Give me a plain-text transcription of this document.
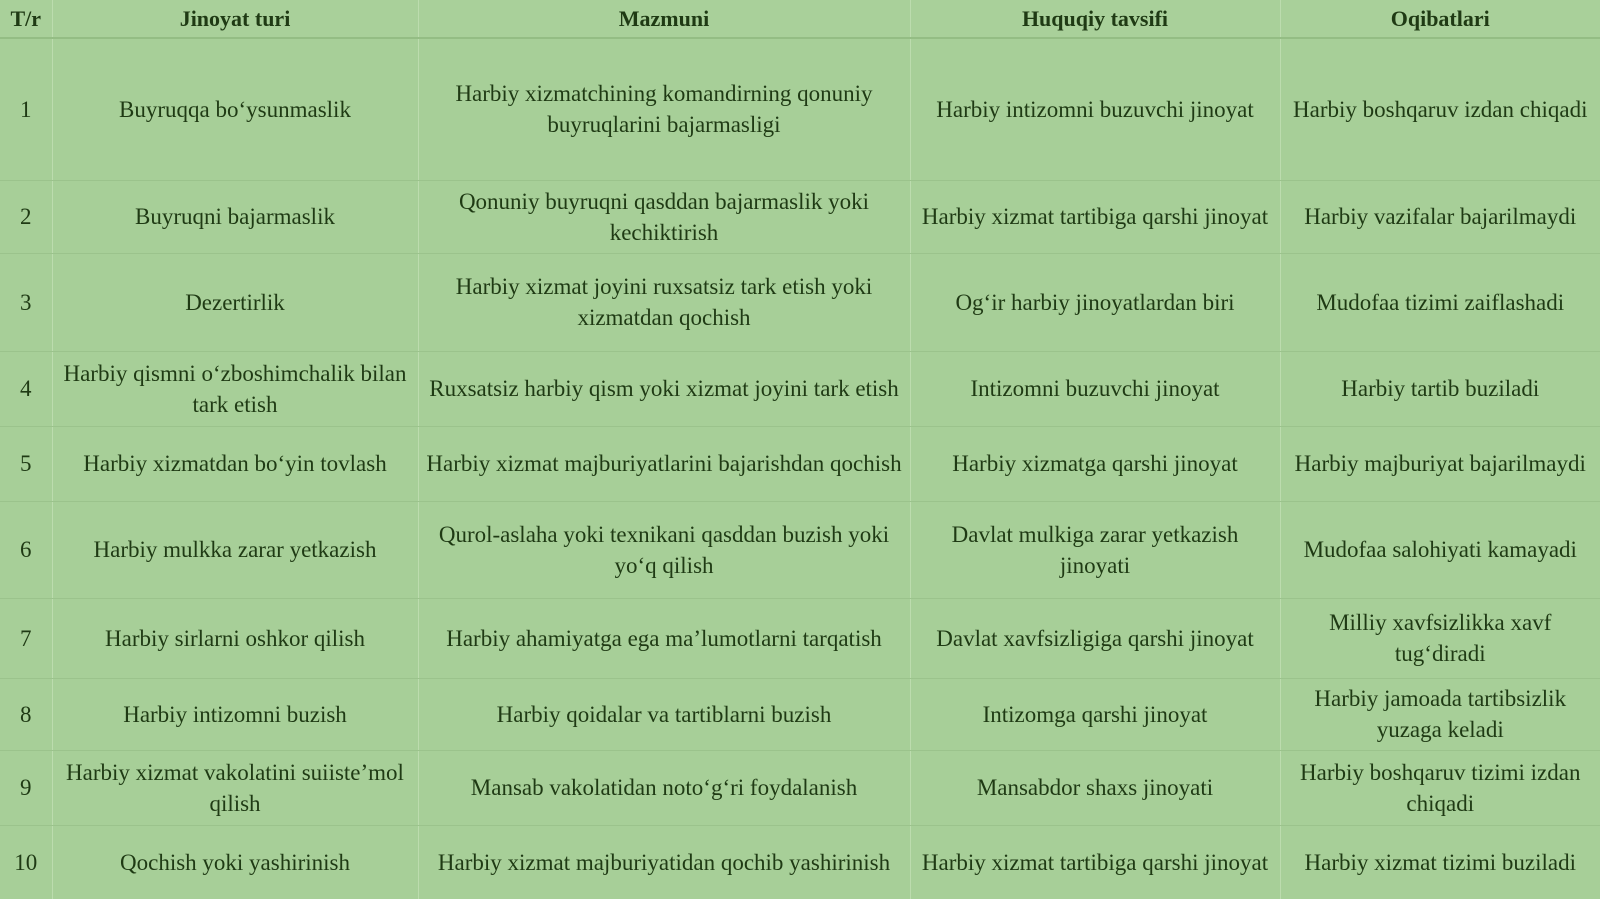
T/r	Jinoyat turi	Mazmuni	Huquqiy tavsifi	Oqibatlari
1	Buyruqqa bo‘ysunmaslik	Harbiy xizmatchining komandirning qonuniy buyruqlarini bajarmasligi	Harbiy intizomni buzuvchi jinoyat	Harbiy boshqaruv izdan chiqadi
2	Buyruqni bajarmaslik	Qonuniy buyruqni qasddan bajarmaslik yoki kechiktirish	Harbiy xizmat tartibiga qarshi jinoyat	Harbiy vazifalar bajarilmaydi
3	Dezertirlik	Harbiy xizmat joyini ruxsatsiz tark etish yoki xizmatdan qochish	Og‘ir harbiy jinoyatlardan biri	Mudofaa tizimi zaiflashadi
4	Harbiy qismni o‘zboshimchalik bilan tark etish	Ruxsatsiz harbiy qism yoki xizmat joyini tark etish	Intizomni buzuvchi jinoyat	Harbiy tartib buziladi
5	Harbiy xizmatdan bo‘yin tovlash	Harbiy xizmat majburiyatlarini bajarishdan qochish	Harbiy xizmatga qarshi jinoyat	Harbiy majburiyat bajarilmaydi
6	Harbiy mulkka zarar yetkazish	Qurol-aslaha yoki texnikani qasddan buzish yoki yo‘q qilish	Davlat mulkiga zarar yetkazish jinoyati	Mudofaa salohiyati kamayadi
7	Harbiy sirlarni oshkor qilish	Harbiy ahamiyatga ega ma’lumotlarni tarqatish	Davlat xavfsizligiga qarshi jinoyat	Milliy xavfsizlikka xavf tug‘diradi
8	Harbiy intizomni buzish	Harbiy qoidalar va tartiblarni buzish	Intizomga qarshi jinoyat	Harbiy jamoada tartibsizlik yuzaga keladi
9	Harbiy xizmat vakolatini suiiste’mol qilish	Mansab vakolatidan noto‘g‘ri foydalanish	Mansabdor shaxs jinoyati	Harbiy boshqaruv tizimi izdan chiqadi
10	Qochish yoki yashirinish	Harbiy xizmat majburiyatidan qochib yashirinish	Harbiy xizmat tartibiga qarshi jinoyat	Harbiy xizmat tizimi buziladi
